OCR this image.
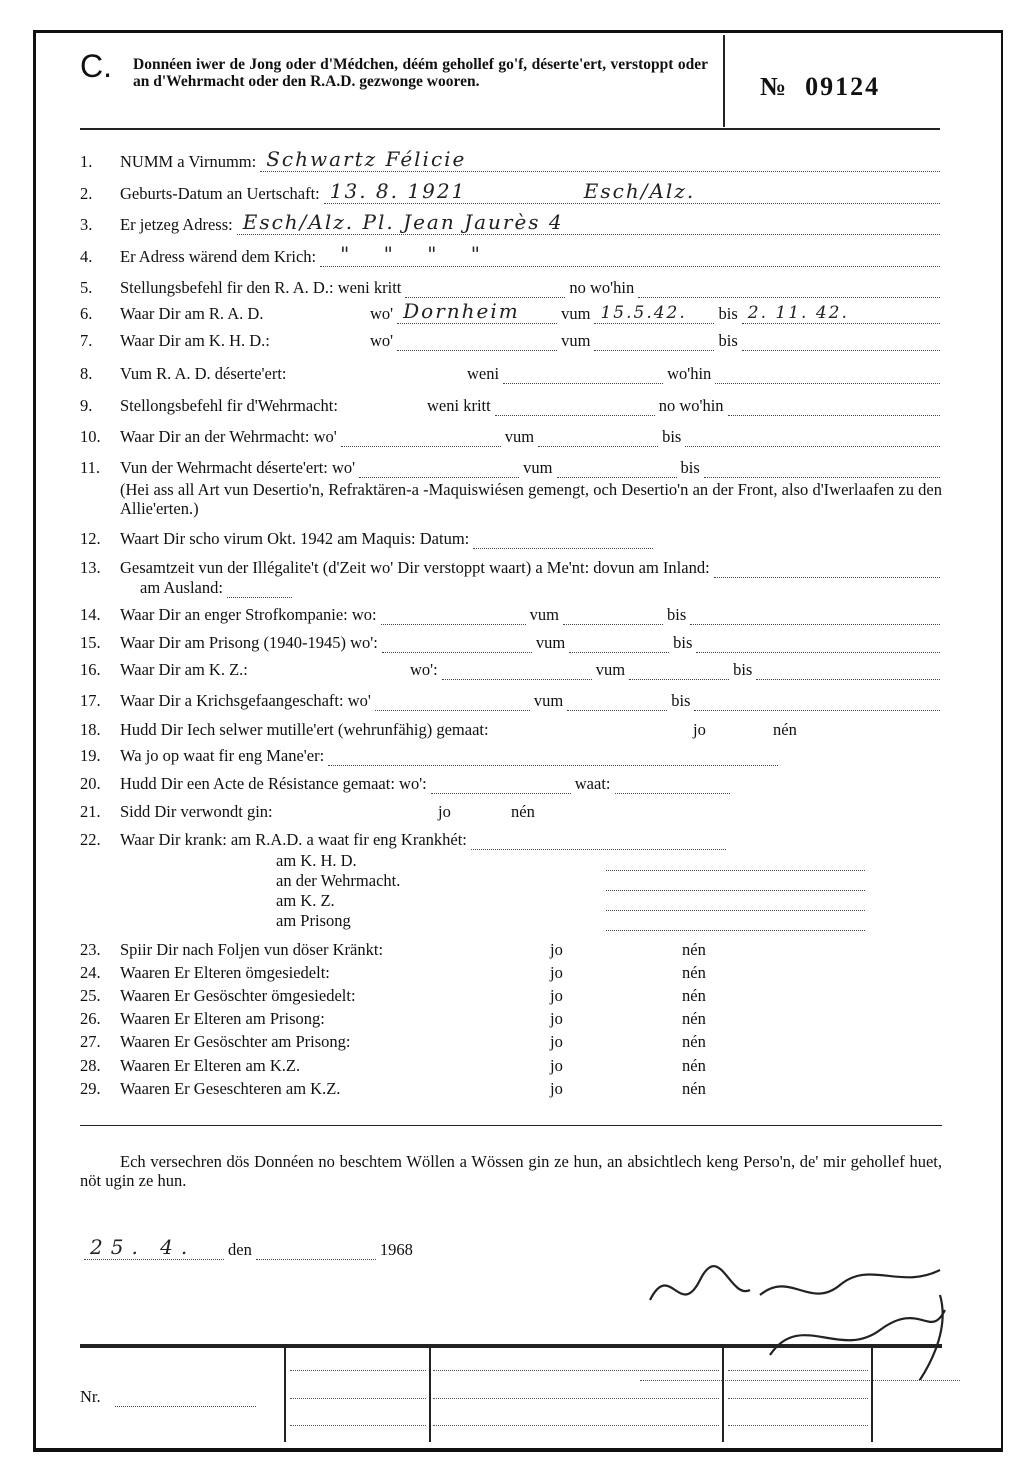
C. Donnéen iwer de Jong oder d'Médchen, déém gehollef go'f, déserte'ert, verstoppt oder an d'Wehrmacht oder den R.A.D. gezwonge wooren.	№ 09124
1.	NUMM a Virnumm: Schwartz Félicie
2.	Geburts-Datum an Uertschaft: 13. 8. 1921	Esch/Alz.
3.	Er jetzeg Adress: Esch/Alz. Pl. Jean Jaurès 4
4.	Er Adress wärend dem Krich: " " " "
5.	Stellungsbefehl fir den R. A. D.:
weni kritt	no wo'hin
6.	Waar Dir am R. A. D.	wo' Dornheim	vum 15.5.42. bis 2. 11. 42.
7.	Waar Dir am K. H. D.:	wo'	vum	bis
8.	Vum R. A. D. déserte'ert:	weni	wo'hin
9.	Stellongsbefehl fir d'Wehrmacht:	weni kritt	no wo'hin
10.	Waar Dir an der Wehrmacht:
wo'	vum	bis
11.	Vun der Wehrmacht déserte'ert:
wo'	vum	bis
(Hei ass all Art vun Desertio'n, Refraktären-a -Maquiswiésen gemengt, och Desertio'n an der Front, also d'Iwerlaafen zu den Allie'erten.)
12.	Waart Dir scho virum Okt. 1942 am Maquis:
Datum:
13.	Gesamtzeit vun der Illégalite't (d'Zeit wo' Dir verstoppt waart) a Me'nt: dovun am Inland:
am Ausland:
14.	Waar Dir an enger Strofkompanie:
wo:	vum	bis
15.	Waar Dir am Prisong (1940-1945)
wo':	vum	bis
16.	Waar Dir am K. Z.:	wo':	vum	bis
17.	Waar Dir a Krichsgefaangeschaft:
wo'	vum	bis
18.	Hudd Dir Iech selwer mutille'ert (wehrunfähig) gemaat:	jo	nén
19.	Wa jo op waat fir eng Mane'er:
20.	Hudd Dir een Acte de Résistance gemaat:
wo':	waat:
21.	Sidd Dir verwondt gin:	jo	nén
22.	Waar Dir krank:
am R.A.D. a waat fir eng Krankhét:
am K. H. D.
an der Wehrmacht.
am K. Z.
am Prisong
23.	Spiir Dir nach Foljen vun döser Kränkt:	jo	nén
24.	Waaren Er Elteren ömgesiedelt:	jo	nén
25.	Waaren Er Gesöschter ömgesiedelt:	jo	nén
26.	Waaren Er Elteren am Prisong:	jo	nén
27.	Waaren Er Gesöschter am Prisong:	jo	nén
28.	Waaren Er Elteren am K.Z.	jo	nén
29.	Waaren Er Geseschteren am K.Z.	jo	nén
Ech versechren dös Donnéen no beschtem Wöllen a Wössen gin ze hun, an absichtlech keng Perso'n, de' mir gehollef huet, nöt ugin ze hun.
25. 4. den	1968
Nr.
